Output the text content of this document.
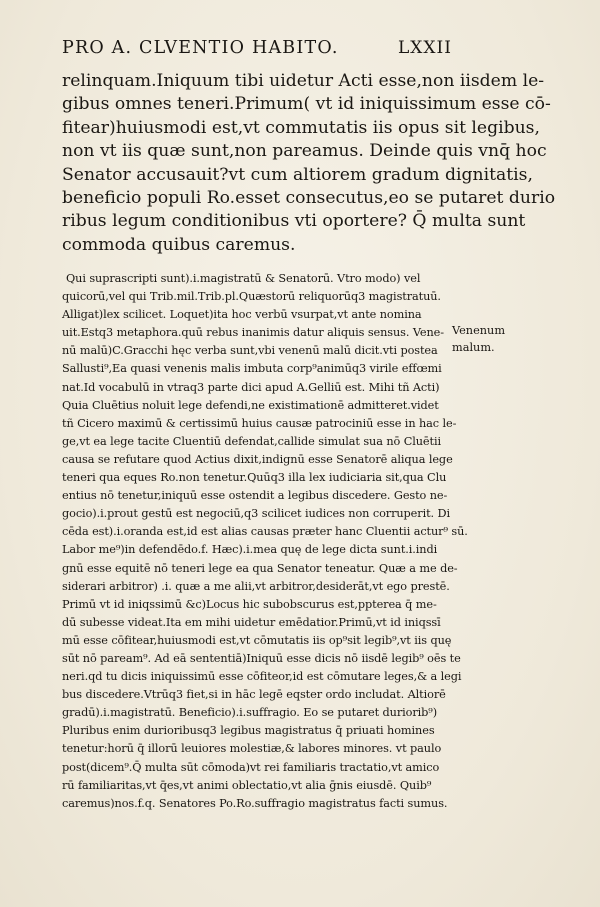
PRO A. CLVENTIO HABITO.	LXXII
relinquam.Iniquum tibi uidetur Acti esse,non iisdem le-
gibus omnes teneri.Primum( vt id iniquissimum esse cō-
fitear)huiusmodi est,vt commutatis iis opus sit legibus,
non vt iis quæ sunt,non pareamus. Deinde quis vnq̄ hoc
Senator accusauit?vt cum altiorem gradum dignitatis,
beneficio populi Ro.esset consecutus,eo se putaret durio
ribus legum conditionibus vti oportere? Q̄ multa sunt
commoda quibus caremus.
Qui suprascripti sunt).i.magistratū & Senatorū. Vtro modo) vel
quicorū,vel qui Trib.mil.Trib.pl.Quæstorū reliquorūq3 magistratuū.
Alligat)lex scilicet. Loquet)ita hoc verbū vsurpat,vt ante nomina
uit.Estq3 metaphora.quū rebus inanimis datur aliquis sensus. Vene-
nū malū)C.Gracchi hęc verba sunt,vbi venenū malū dicit.vti postea
Sallusti⁹,Ea quasi venenis malis imbuta corp⁹animūq3 virile effœmi
nat.Id vocabulū in vtraq3 parte dici apud A.Gelliū est. Mihi tñ Acti)
Quia Cluētius noluit lege defendi,ne existimationē admitteret.videt
tñ Cicero maximū & certissimū huius causæ patrociniū esse in hac le-
ge,vt ea lege tacite Cluentiū defendat,callide simulat sua nō Cluētii
causa se refutare quod Actius dixit,indignū esse Senatorē aliqua lege
teneri qua eques Ro.non tenetur.Quūq3 illa lex iudiciaria sit,qua Clu
entius nō tenetur,iniquū esse ostendit a legibus discedere. Gesto ne-
gocio).i.prout gestū est negociū,q3 scilicet iudices non corruperit. Di
cēda est).i.oranda est,id est alias causas præter hanc Cluentii actur⁹ sū.
Labor me⁹)in defendēdo.f. Hæc).i.mea quę de lege dicta sunt.i.indi
gnū esse equitē nō teneri lege ea qua Senator teneatur. Quæ a me de-
siderari arbitror) .i. quæ a me alii,vt arbitror,desiderāt,vt ego prestē.
Primū vt id iniqssimū &c)Locus hic subobscurus est,ppterea q̄ me-
dū subesse videat.Ita em mihi uidetur emēdatior.Primū,vt id iniqssī
mū esse cōfitear,huiusmodi est,vt cōmutatis iis op⁹sit legib⁹,vt iis quę
sūt nō paream⁹. Ad eā sententiā)Iniquū esse dicis nō iisdē legib⁹ oēs te
neri.qd tu dicis iniquissimū esse cōfiteor,id est cōmutare leges,& a legi
bus discedere.Vtrūq3 fiet,si in hāc legē eqster ordo includat. Altiorē
gradū).i.magistratū. Beneficio).i.suffragio. Eo se putaret duriorib⁹)
Pluribus enim durioribusq3 legibus magistratus q̄ priuati homines
tenetur:horū q̄ illorū leuiores molestiæ,& labores minores. vt paulo
post(dicem⁹.Q̄ multa sūt cōmoda)vt rei familiaris tractatio,vt amico
rū familiaritas,vt q̄es,vt animi oblectatio,vt alia ḡnis eiusdē. Quib⁹
caremus)nos.f.q. Senatores Po.Ro.suffragio magistratus facti sumus.
Venenum
malum.
